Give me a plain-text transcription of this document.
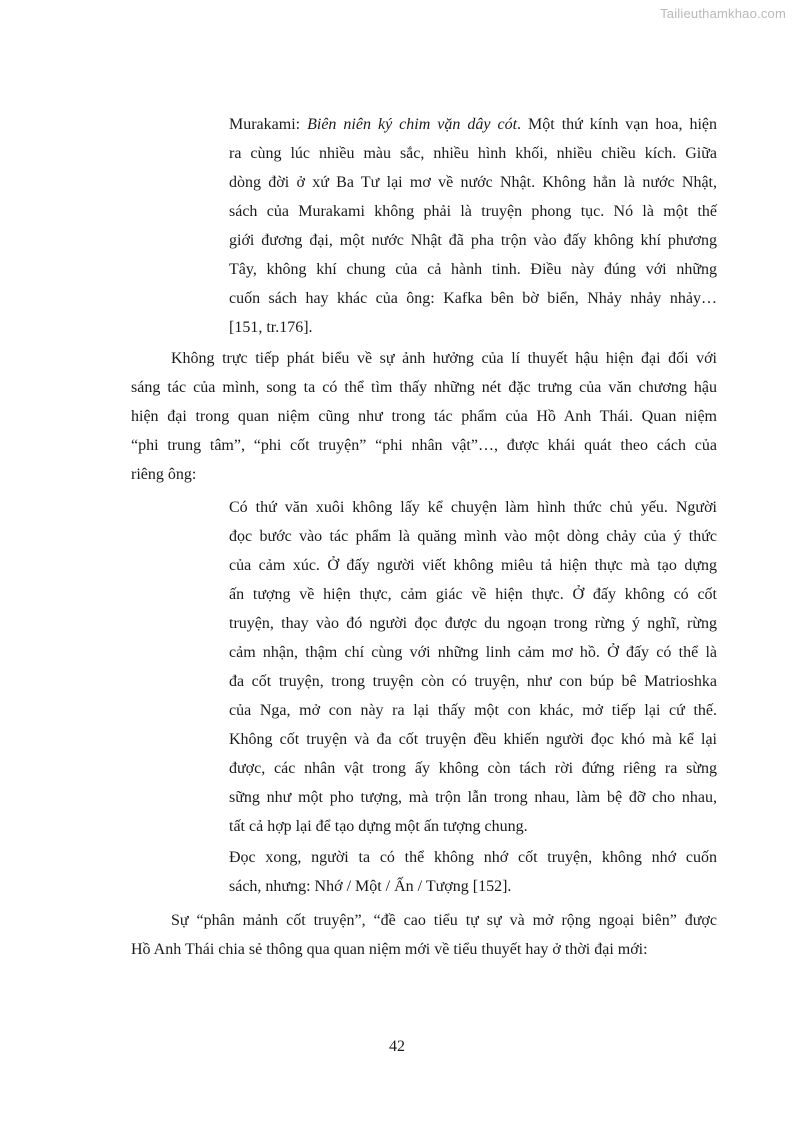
Tailieuthamkhao.com
Murakami: Biên niên ký chim vặn dây cót. Một thứ kính vạn hoa, hiện
ra cùng lúc nhiều màu sắc, nhiều hình khối, nhiều chiều kích. Giữa
dòng đời ở xứ Ba Tư lại mơ về nước Nhật. Không hẳn là nước Nhật,
sách của Murakami không phải là truyện phong tục. Nó là một thế
giới đương đại, một nước Nhật đã pha trộn vào đấy không khí phương
Tây, không khí chung của cả hành tinh. Điều này đúng với những
cuốn sách hay khác của ông: Kafka bên bờ biển, Nhảy nhảy nhảy…
[151, tr.176].
Không trực tiếp phát biểu về sự ảnh hưởng của lí thuyết hậu hiện đại đối với
sáng tác của mình, song ta có thể tìm thấy những nét đặc trưng của văn chương hậu
hiện đại trong quan niệm cũng như trong tác phẩm của Hồ Anh Thái. Quan niệm
“phi trung tâm”, “phi cốt truyện” “phi nhân vật”…, được khái quát theo cách của
riêng ông:
Có thứ văn xuôi không lấy kể chuyện làm hình thức chủ yếu. Người
đọc bước vào tác phẩm là quăng mình vào một dòng chảy của ý thức
của cảm xúc. Ở đấy người viết không miêu tả hiện thực mà tạo dựng
ấn tượng về hiện thực, cảm giác về hiện thực. Ở đấy không có cốt
truyện, thay vào đó người đọc được du ngoạn trong rừng ý nghĩ, rừng
cảm nhận, thậm chí cùng với những linh cảm mơ hồ. Ở đấy có thể là
đa cốt truyện, trong truyện còn có truyện, như con búp bê Matrioshka
của Nga, mở con này ra lại thấy một con khác, mở tiếp lại cứ thế.
Không cốt truyện và đa cốt truyện đều khiến người đọc khó mà kể lại
được, các nhân vật trong ấy không còn tách rời đứng riêng ra sừng
sững như một pho tượng, mà trộn lẫn trong nhau, làm bệ đỡ cho nhau,
tất cả hợp lại để tạo dựng một ấn tượng chung.
Đọc xong, người ta có thể không nhớ cốt truyện, không nhớ cuốn
sách, nhưng: Nhớ / Một / Ấn / Tượng [152].
Sự “phân mảnh cốt truyện”, “đề cao tiểu tự sự và mở rộng ngoại biên” được
Hồ Anh Thái chia sẻ thông qua quan niệm mới về tiểu thuyết hay ở thời đại mới:
42
